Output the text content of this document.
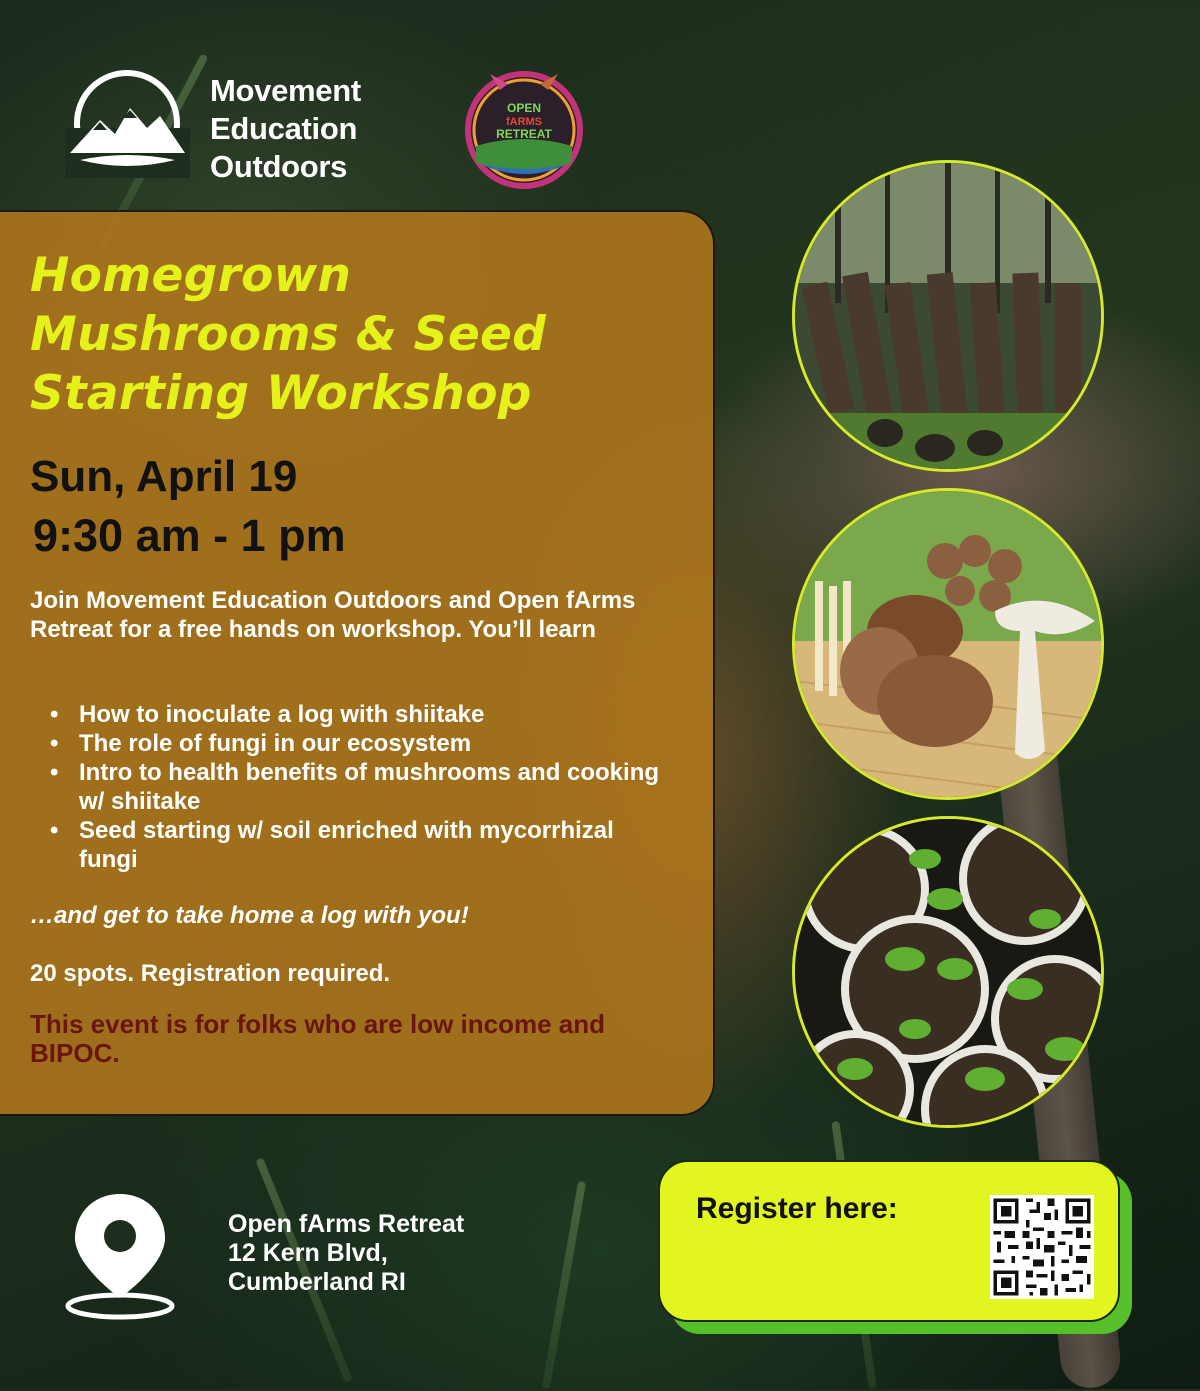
Movement
Education
Outdoors
OPEN
fARMS
RETREAT
Homegrown
Mushrooms & Seed
Starting Workshop
Sun, April 19
9:30 am - 1 pm
Join Movement Education Outdoors and Open fArms Retreat for a free hands on workshop. You’ll learn
• How to inoculate a log with shiitake
• The role of fungi in our ecosystem
• Intro to health benefits of mushrooms and cooking w/ shiitake
• Seed starting w/ soil enriched with mycorrhizal fungi
…and get to take home a log with you!
20 spots. Registration required.
This event is for folks who are low income and BIPOC.
Open fArms Retreat
12 Kern Blvd,
Cumberland RI
Register here:
